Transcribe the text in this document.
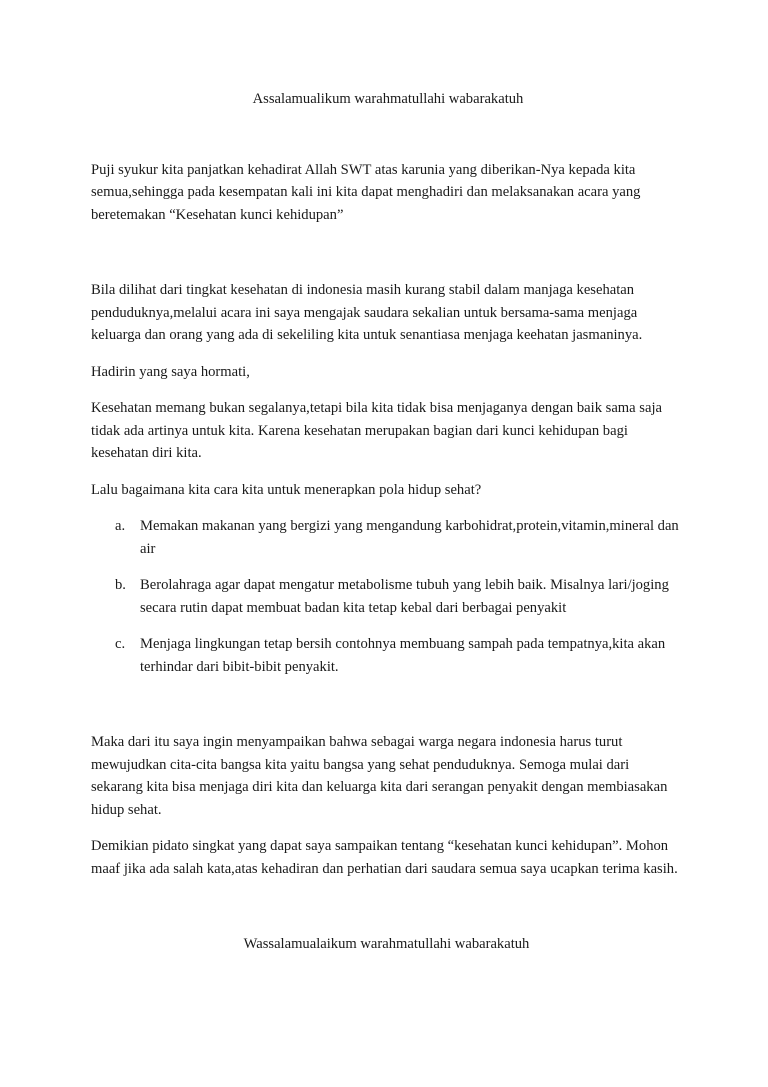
Assalamualikum warahmatullahi wabarakatuh

Puji syukur kita panjatkan kehadirat Allah SWT atas karunia yang diberikan-Nya kepada kita semua,sehingga pada kesempatan kali ini kita dapat menghadiri dan melaksanakan acara yang beretemakan “Kesehatan kunci kehidupan”

Bila dilihat dari tingkat kesehatan di indonesia masih kurang stabil dalam manjaga kesehatan penduduknya,melalui acara ini saya mengajak saudara sekalian untuk bersama-sama menjaga keluarga dan orang yang ada di sekeliling kita untuk senantiasa menjaga keehatan jasmaninya.

Hadirin yang saya hormati,

Kesehatan memang bukan segalanya,tetapi bila kita tidak bisa menjaganya dengan baik sama saja tidak ada artinya untuk kita. Karena kesehatan merupakan bagian dari kunci kehidupan bagi kesehatan diri kita.

Lalu bagaimana kita cara kita untuk menerapkan pola hidup sehat?

a. Memakan makanan yang bergizi yang mengandung karbohidrat,protein,vitamin,mineral dan air
b. Berolahraga agar dapat mengatur metabolisme tubuh yang lebih baik. Misalnya lari/joging secara rutin dapat membuat badan kita tetap kebal dari berbagai penyakit
c. Menjaga lingkungan tetap bersih contohnya membuang sampah pada tempatnya,kita akan terhindar dari bibit-bibit penyakit.

Maka dari itu saya ingin menyampaikan bahwa sebagai warga negara indonesia harus turut mewujudkan cita-cita bangsa kita yaitu bangsa yang sehat penduduknya. Semoga mulai dari sekarang kita bisa menjaga diri kita dan keluarga kita dari serangan penyakit dengan membiasakan hidup sehat.

Demikian pidato singkat yang dapat saya sampaikan tentang “kesehatan kunci kehidupan”. Mohon maaf jika ada salah kata,atas kehadiran dan perhatian dari saudara semua saya ucapkan terima kasih.

Wassalamualaikum warahmatullahi wabarakatuh
